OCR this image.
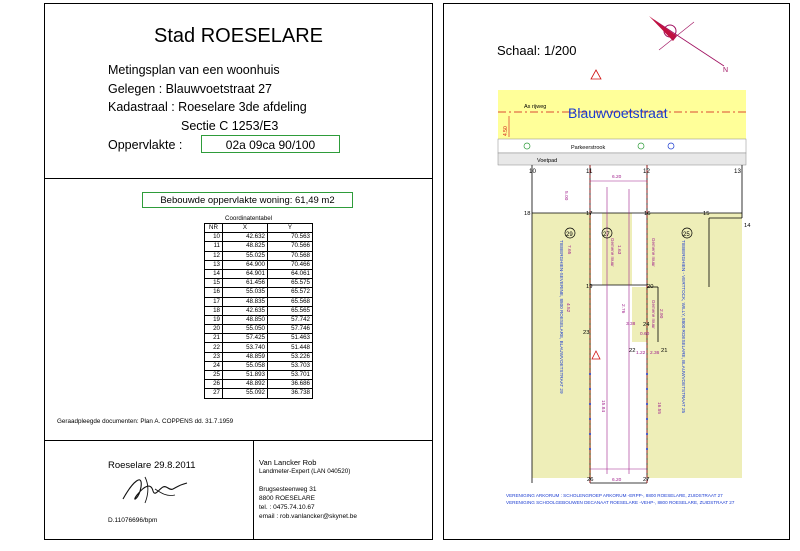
Stad ROESELARE
Metingsplan van een woonhuis
Gelegen : Blauwvoetstraat 27
Kadastraal : Roeselare 3de afdeling
Sectie C 1253/E3
Oppervlakte :	02a 09ca 90/100
Bebouwde oppervlakte woning: 61,49 m2
Coordinatentabel
NR	X	Y
10	42.632	70.563
11	48.825	70.566
12	55.025	70.568
13	64.900	70.466
14	64.901	64.061
15	61.456	65.575
16	55.035	65.572
17	48.835	65.568
18	42.635	65.565
19	48.850	57.742
20	55.050	57.746
21	57.425	51.463
22	53.740	51.448
23	48.859	53.226
24	55.058	53.703
25	51.893	53.701
26	48.892	36.686
27	55.092	36.738
Geraadpleegde documenten: Plan A. COPPENS dd. 31.7.1959
Roeselare 29.8.2011
D.11076696/bpm
Van Lancker Rob
Landmeter-Expert (LAN 040520)
Brugsesteenweg 31
8800 ROESELARE
tel. : 0475.74.10.67
email : rob.vanlancker@skynet.be
Schaal: 1/200
N
As rijweg Blauwvoetstraat
4.50
Parkeerstrook
Voetpad
10	11	12	13
6.20
5.00
7.65	1.63
4.52	2.76
2.90
3.38
0.60
1.22 2.36
15.84	16.55
6.20
Gemene muur	Gemene muur
Gemene muur
TIEBERGHIEN-SEVERINE, 8800 ROESELARE, BLAUWVOETSTRAAT 29	TIEBERGHIEN - VERTTOCK, WILLY, 8800 ROESELARE, BLAUWVOETSTRAAT 25
29	27	25
18	17	16	15
14
19	20
23
24
22	21
26	27
VERENIGING ARKORUM : SCHOLENGROEP ARKORUM -ERPP-, 8800 ROESELARE, ZUIDSTRAAT 27
VERENIGING SCHOOLGEBOUWEN DECANAAT ROESELARE -VEHP-, 8800 ROESELARE, ZUIDSTRAAT 27
